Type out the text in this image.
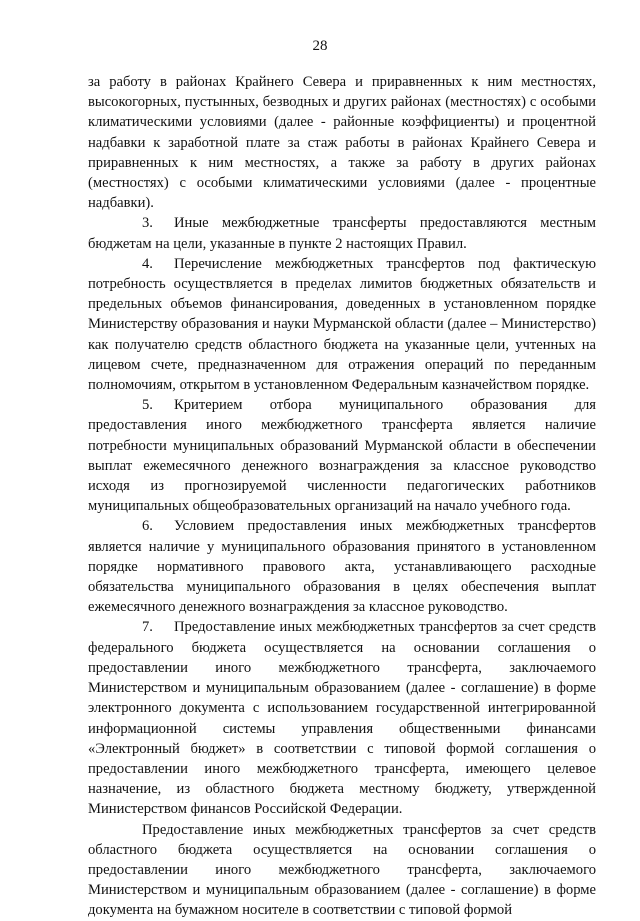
28

за работу в районах Крайнего Севера и приравненных к ним местностях, высокогорных, пустынных, безводных и других районах (местностях) с особыми климатическими условиями (далее - районные коэффициенты) и процентной надбавки к заработной плате за стаж работы в районах Крайнего Севера и приравненных к ним местностях, а также за работу в других районах (местностях) с особыми климатическими условиями (далее - процентные надбавки).

3. Иные межбюджетные трансферты предоставляются местным бюджетам на цели, указанные в пункте 2 настоящих Правил.

4. Перечисление межбюджетных трансфертов под фактическую потребность осуществляется в пределах лимитов бюджетных обязательств и предельных объемов финансирования, доведенных в установленном порядке Министерству образования и науки Мурманской области (далее – Министерство) как получателю средств областного бюджета на указанные цели, учтенных на лицевом счете, предназначенном для отражения операций по переданным полномочиям, открытом в установленном Федеральным казначейством порядке.

5. Критерием отбора муниципального образования для предоставления иного межбюджетного трансферта является наличие потребности муниципальных образований Мурманской области в обеспечении выплат ежемесячного денежного вознаграждения за классное руководство исходя из прогнозируемой численности педагогических работников муниципальных общеобразовательных организаций на начало учебного года.

6. Условием предоставления иных межбюджетных трансфертов является наличие у муниципального образования принятого в установленном порядке нормативного правового акта, устанавливающего расходные обязательства муниципального образования в целях обеспечения выплат ежемесячного денежного вознаграждения за классное руководство.

7. Предоставление иных межбюджетных трансфертов за счет средств федерального бюджета осуществляется на основании соглашения о предоставлении иного межбюджетного трансферта, заключаемого Министерством и муниципальным образованием (далее - соглашение) в форме электронного документа с использованием государственной интегрированной информационной системы управления общественными финансами «Электронный бюджет» в соответствии с типовой формой соглашения о предоставлении иного межбюджетного трансферта, имеющего целевое назначение, из областного бюджета местному бюджету, утвержденной Министерством финансов Российской Федерации.

Предоставление иных межбюджетных трансфертов за счет средств областного бюджета осуществляется на основании соглашения о предоставлении иного межбюджетного трансферта, заключаемого Министерством и муниципальным образованием (далее - соглашение) в форме документа на бумажном носителе в соответствии с типовой формой
